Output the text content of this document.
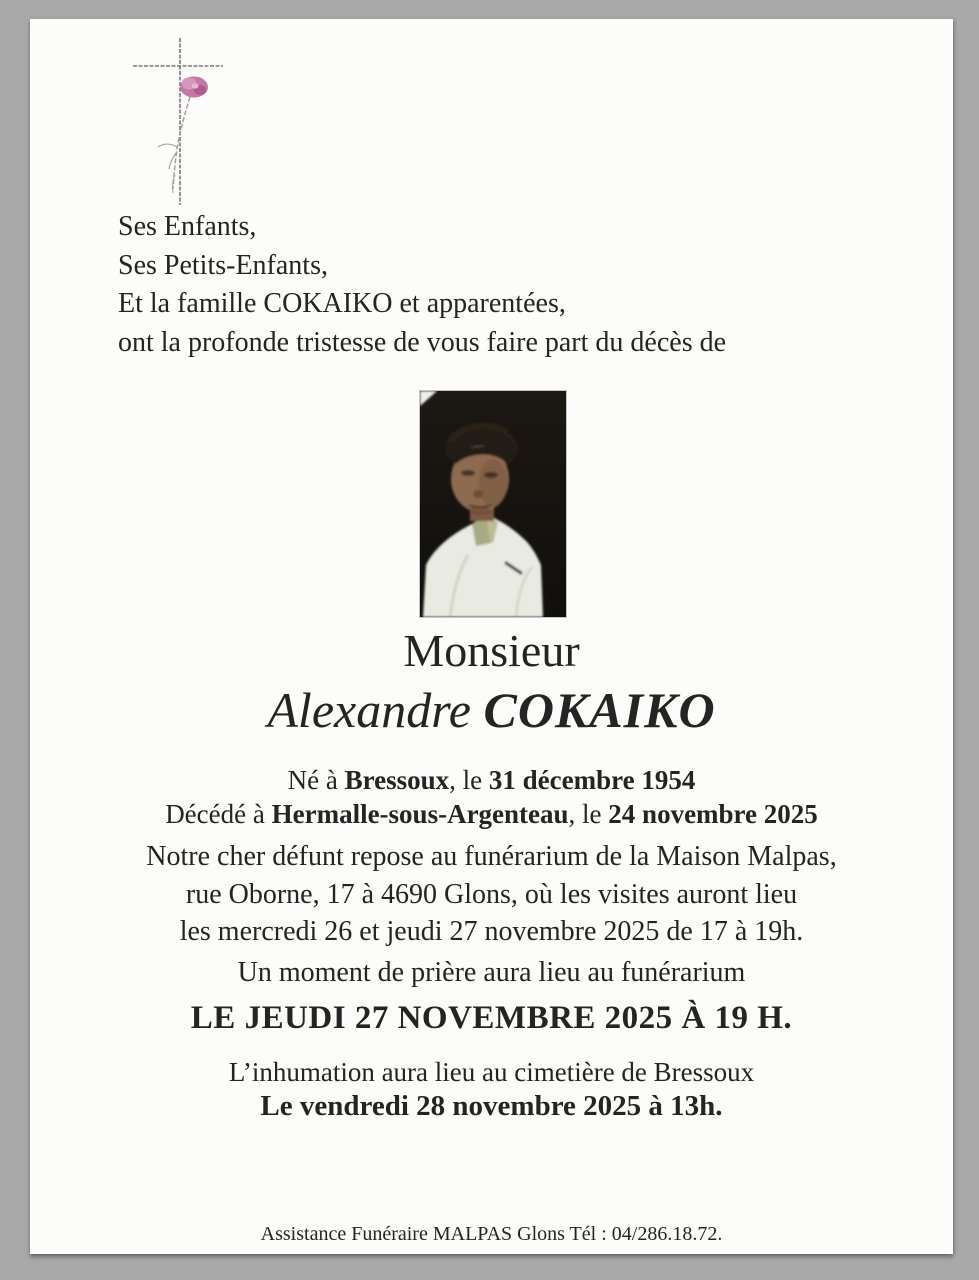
Ses Enfants,
Ses Petits-Enfants,
Et la famille COKAIKO et apparentées,
ont la profonde tristesse de vous faire part du décès de
Monsieur
Alexandre COKAIKO
Né à Bressoux, le 31 décembre 1954
Décédé à Hermalle-sous-Argenteau, le 24 novembre 2025
Notre cher défunt repose au funérarium de la Maison Malpas,
rue Oborne, 17 à 4690 Glons, où les visites auront lieu
les mercredi 26 et jeudi 27 novembre 2025 de 17 à 19h.
Un moment de prière aura lieu au funérarium
LE JEUDI 27 NOVEMBRE 2025 À 19 H.
L’inhumation aura lieu au cimetière de Bressoux
Le vendredi 28 novembre 2025 à 13h.
Assistance Funéraire MALPAS Glons Tél : 04/286.18.72.
